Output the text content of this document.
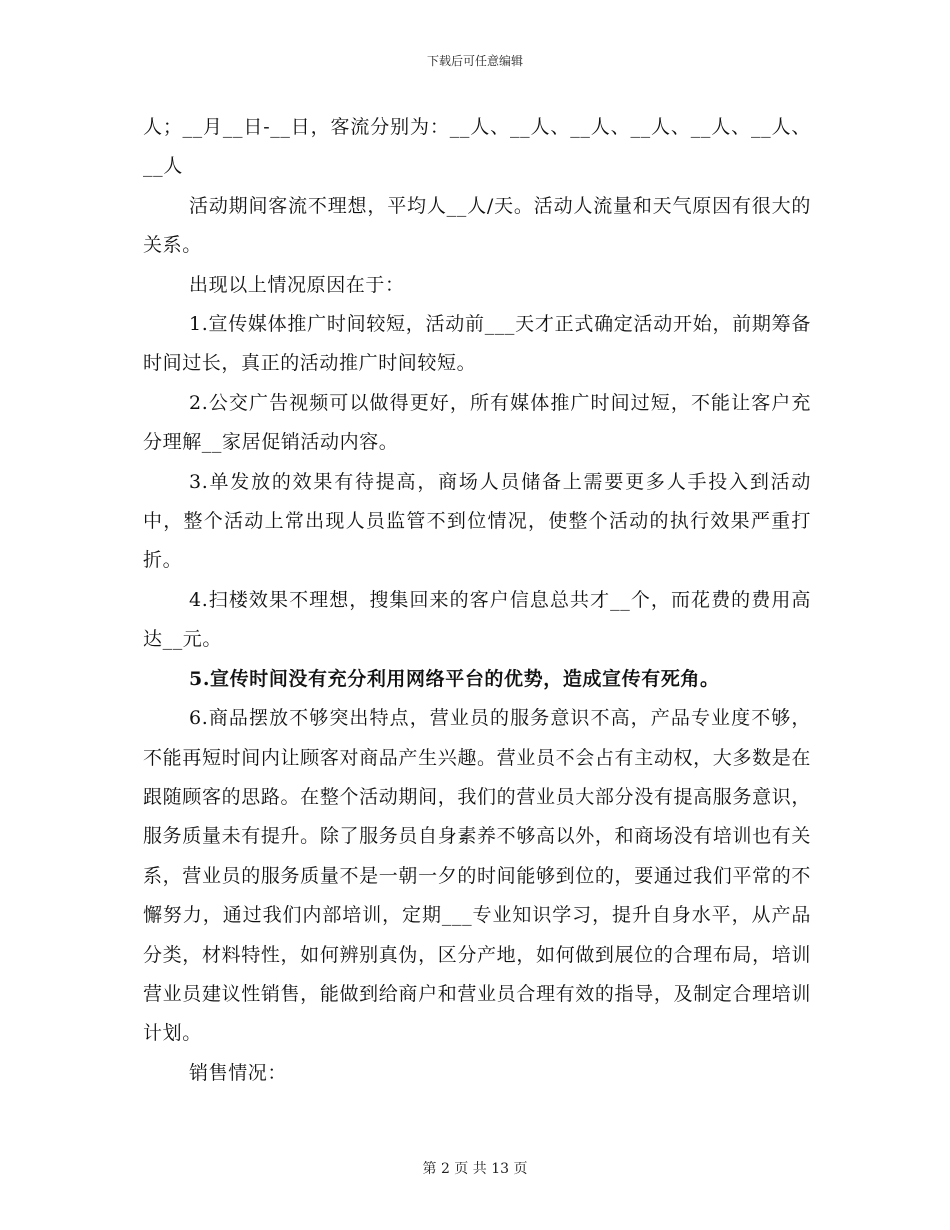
下载后可任意编辑

人；__月__日-__日，客流分别为：__人、__人、__人、__人、__人、__人、__人

活动期间客流不理想，平均人__人/天。活动人流量和天气原因有很大的关系。

出现以上情况原因在于：

1.宣传媒体推广时间较短，活动前___天才正式确定活动开始，前期筹备时间过长，真正的活动推广时间较短。

2.公交广告视频可以做得更好，所有媒体推广时间过短，不能让客户充分理解__家居促销活动内容。

3.单发放的效果有待提高，商场人员储备上需要更多人手投入到活动中，整个活动上常出现人员监管不到位情况，使整个活动的执行效果严重打折。

4.扫楼效果不理想，搜集回来的客户信息总共才__个，而花费的费用高达__元。

5.宣传时间没有充分利用网络平台的优势，造成宣传有死角。

6.商品摆放不够突出特点，营业员的服务意识不高，产品专业度不够，不能再短时间内让顾客对商品产生兴趣。营业员不会占有主动权，大多数是在跟随顾客的思路。在整个活动期间，我们的营业员大部分没有提高服务意识，服务质量未有提升。除了服务员自身素养不够高以外，和商场没有培训也有关系，营业员的服务质量不是一朝一夕的时间能够到位的，要通过我们平常的不懈努力，通过我们内部培训，定期___专业知识学习，提升自身水平，从产品分类，材料特性，如何辨别真伪，区分产地，如何做到展位的合理布局，培训营业员建议性销售，能做到给商户和营业员合理有效的指导，及制定合理培训计划。

销售情况：

第 2 页 共 13 页
